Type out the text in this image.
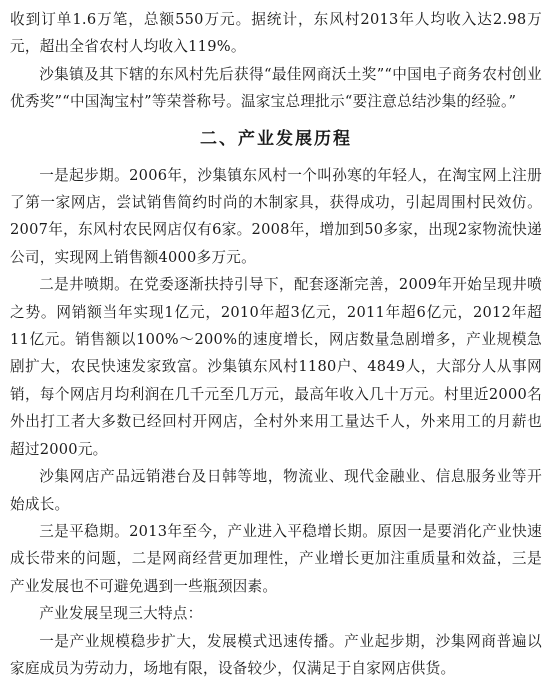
收到订单1.6万笔，总额550万元。据统计，东风村2013年人均收入达2.98万元，超出全省农村人均收入119%。

沙集镇及其下辖的东风村先后获得“最佳网商沃土奖”“中国电子商务农村创业优秀奖”“中国淘宝村”等荣誉称号。温家宝总理批示“要注意总结沙集的经验。”

二、产业发展历程

一是起步期。2006年，沙集镇东风村一个叫孙寒的年轻人，在淘宝网上注册了第一家网店，尝试销售简约时尚的木制家具，获得成功，引起周围村民效仿。2007年，东风村农民网店仅有6家。2008年，增加到50多家，出现2家物流快递公司，实现网上销售额4000多万元。

二是井喷期。在党委逐渐扶持引导下，配套逐渐完善，2009年开始呈现井喷之势。网销额当年实现1亿元，2010年超3亿元，2011年超6亿元，2012年超11亿元。销售额以100%～200%的速度增长，网店数量急剧增多，产业规模急剧扩大，农民快速发家致富。沙集镇东风村1180户、4849人，大部分人从事网销，每个网店月均利润在几千元至几万元，最高年收入几十万元。村里近2000名外出打工者大多数已经回村开网店，全村外来用工量达千人，外来用工的月薪也超过2000元。

沙集网店产品远销港台及日韩等地，物流业、现代金融业、信息服务业等开始成长。

三是平稳期。2013年至今，产业进入平稳增长期。原因一是要消化产业快速成长带来的问题，二是网商经营更加理性，产业增长更加注重质量和效益，三是产业发展也不可避免遇到一些瓶颈因素。

产业发展呈现三大特点：

一是产业规模稳步扩大，发展模式迅速传播。产业起步期，沙集网商普遍以家庭成员为劳动力，场地有限，设备较少，仅满足于自家网店供货。
